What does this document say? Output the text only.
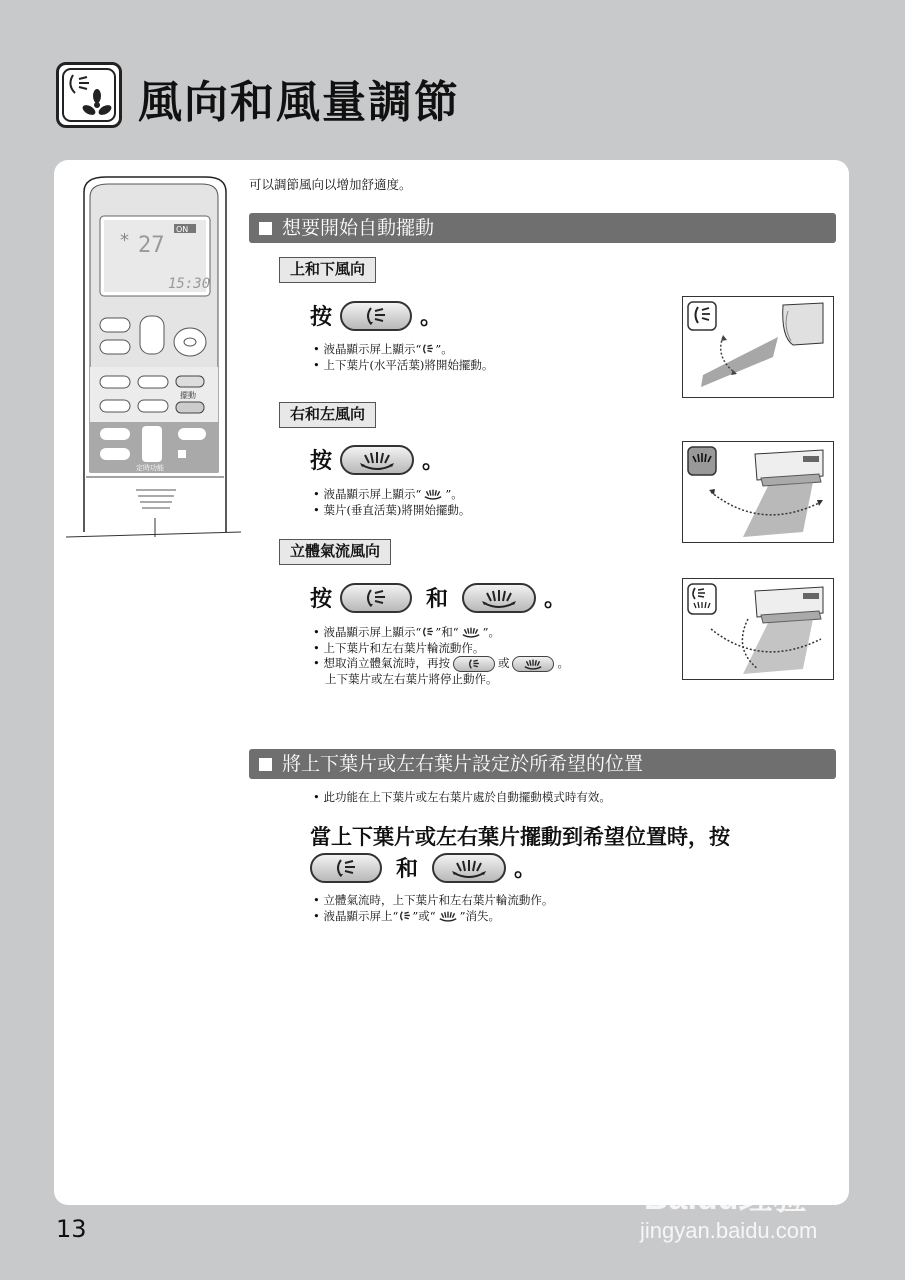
風向和風量調節
* 27
ON
15:30
擺動
定時功能
可以調節風向以增加舒適度。
想要開始自動擺動
上和下風向
按	。
• 液晶顯示屏上顯示“ ”。
• 上下葉片(水平活葉)將開始擺動。
右和左風向
按	。
• 液晶顯示屏上顯示“ ”。
• 葉片(垂直活葉)將開始擺動。
立體氣流風向
按	和	。
• 液晶顯示屏上顯示“ ”和“ ”。
• 上下葉片和左右葉片輪流動作。
• 想取消立體氣流時，再按	或	。
上下葉片或左右葉片將停止動作。
將上下葉片或左右葉片設定於所希望的位置
• 此功能在上下葉片或左右葉片處於自動擺動模式時有效。
當上下葉片或左右葉片擺動到希望位置時，按
和	。
• 立體氣流時，上下葉片和左右葉片輪流動作。
• 液晶顯示屏上“ ”或“ ”消失。
13
Baidu经验
jingyan.baidu.com
